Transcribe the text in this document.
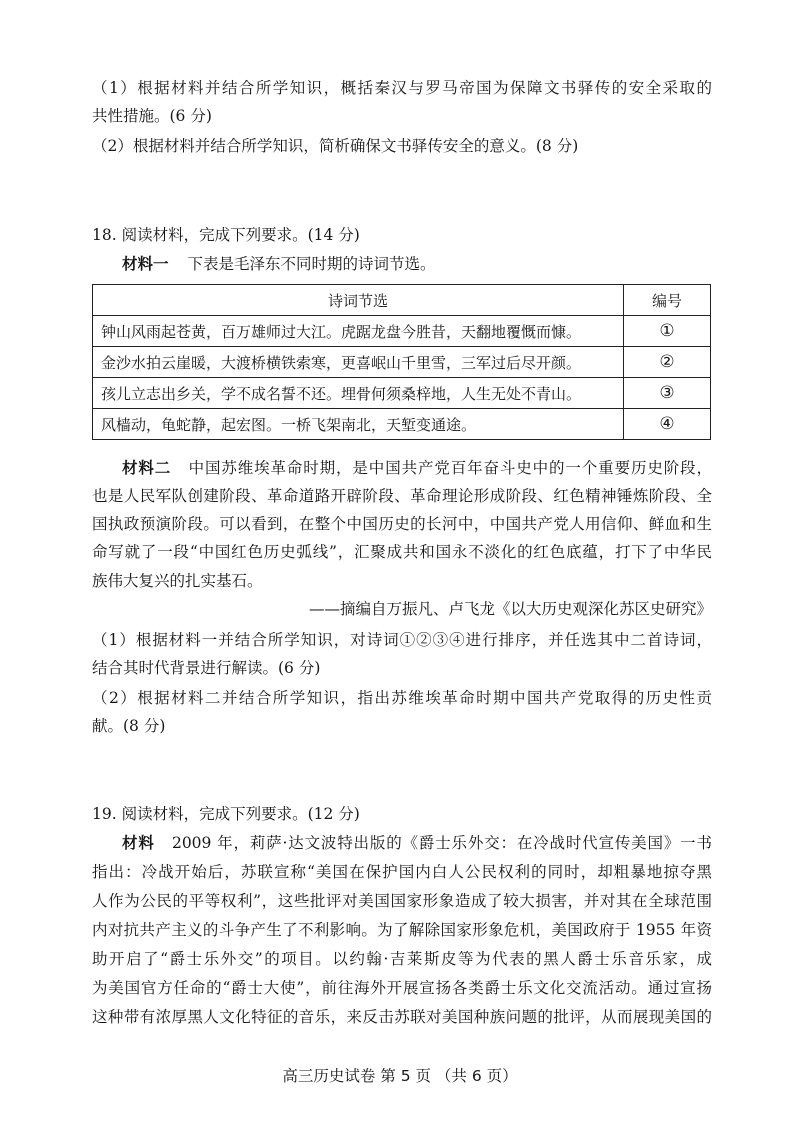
（1）根据材料并结合所学知识，概括秦汉与罗马帝国为保障文书驿传的安全采取的
共性措施。(6 分)
（2）根据材料并结合所学知识，简析确保文书驿传安全的意义。(8 分)
18. 阅读材料，完成下列要求。(14 分)
材料一 下表是毛泽东不同时期的诗词节选。
诗词节选	编号
钟山风雨起苍黄，百万雄师过大江。虎踞龙盘今胜昔，天翻地覆慨而慷。	①
金沙水拍云崖暖，大渡桥横铁索寒，更喜岷山千里雪，三军过后尽开颜。	②
孩儿立志出乡关，学不成名誓不还。埋骨何须桑梓地，人生无处不青山。	③
风樯动，龟蛇静，起宏图。一桥飞架南北，天堑变通途。	④
材料二 中国苏维埃革命时期，是中国共产党百年奋斗史中的一个重要历史阶段，
也是人民军队创建阶段、革命道路开辟阶段、革命理论形成阶段、红色精神锤炼阶段、全
国执政预演阶段。可以看到，在整个中国历史的长河中，中国共产党人用信仰、鲜血和生
命写就了一段“中国红色历史弧线”，汇聚成共和国永不淡化的红色底蕴，打下了中华民
族伟大复兴的扎实基石。
——摘编自万振凡、卢飞龙《以大历史观深化苏区史研究》
（1）根据材料一并结合所学知识，对诗词①②③④进行排序，并任选其中二首诗词，
结合其时代背景进行解读。(6 分)
（2）根据材料二并结合所学知识，指出苏维埃革命时期中国共产党取得的历史性贡
献。(8 分)
19. 阅读材料，完成下列要求。(12 分)
材料 2009 年，莉萨·达文波特出版的《爵士乐外交：在冷战时代宣传美国》一书
指出：冷战开始后，苏联宣称“美国在保护国内白人公民权利的同时，却粗暴地掠夺黑
人作为公民的平等权利”，这些批评对美国国家形象造成了较大损害，并对其在全球范围
内对抗共产主义的斗争产生了不利影响。为了解除国家形象危机，美国政府于 1955 年资
助开启了“爵士乐外交”的项目。以约翰·吉莱斯皮等为代表的黑人爵士乐音乐家，成
为美国官方任命的“爵士大使”，前往海外开展宣扬各类爵士乐文化交流活动。通过宣扬
这种带有浓厚黑人文化特征的音乐，来反击苏联对美国种族问题的批评，从而展现美国的
高三历史试卷 第 5 页 （共 6 页）
